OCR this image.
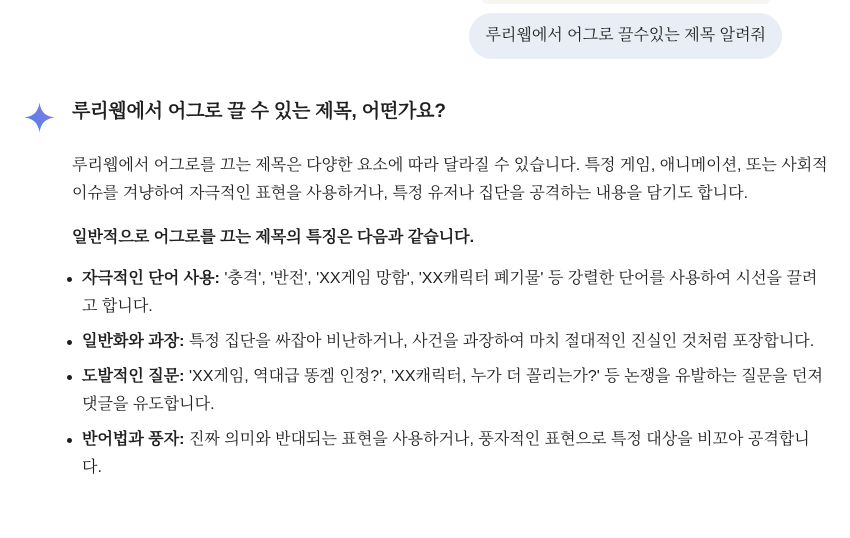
루리웹에서 어그로 끌수있는 제목 알려줘
루리웹에서 어그로 끌 수 있는 제목, 어떤가요?

루리웹에서 어그로를 끄는 제목은 다양한 요소에 따라 달라질 수 있습니다. 특정 게임, 애니메이션, 또는 사회적 이슈를 겨냥하여 자극적인 표현을 사용하거나, 특정 유저나 집단을 공격하는 내용을 담기도 합니다.

일반적으로 어그로를 끄는 제목의 특징은 다음과 같습니다.

자극적인 단어 사용: '충격', '반전', 'XX게임 망함', 'XX캐릭터 폐기물' 등 강렬한 단어를 사용하여 시선을 끌려고 합니다.
일반화와 과장: 특정 집단을 싸잡아 비난하거나, 사건을 과장하여 마치 절대적인 진실인 것처럼 포장합니다.
도발적인 질문: 'XX게임, 역대급 똥겜 인정?', 'XX캐릭터, 누가 더 꼴리는가?' 등 논쟁을 유발하는 질문을 던져 댓글을 유도합니다.
반어법과 풍자: 진짜 의미와 반대되는 표현을 사용하거나, 풍자적인 표현으로 특정 대상을 비꼬아 공격합니다.
